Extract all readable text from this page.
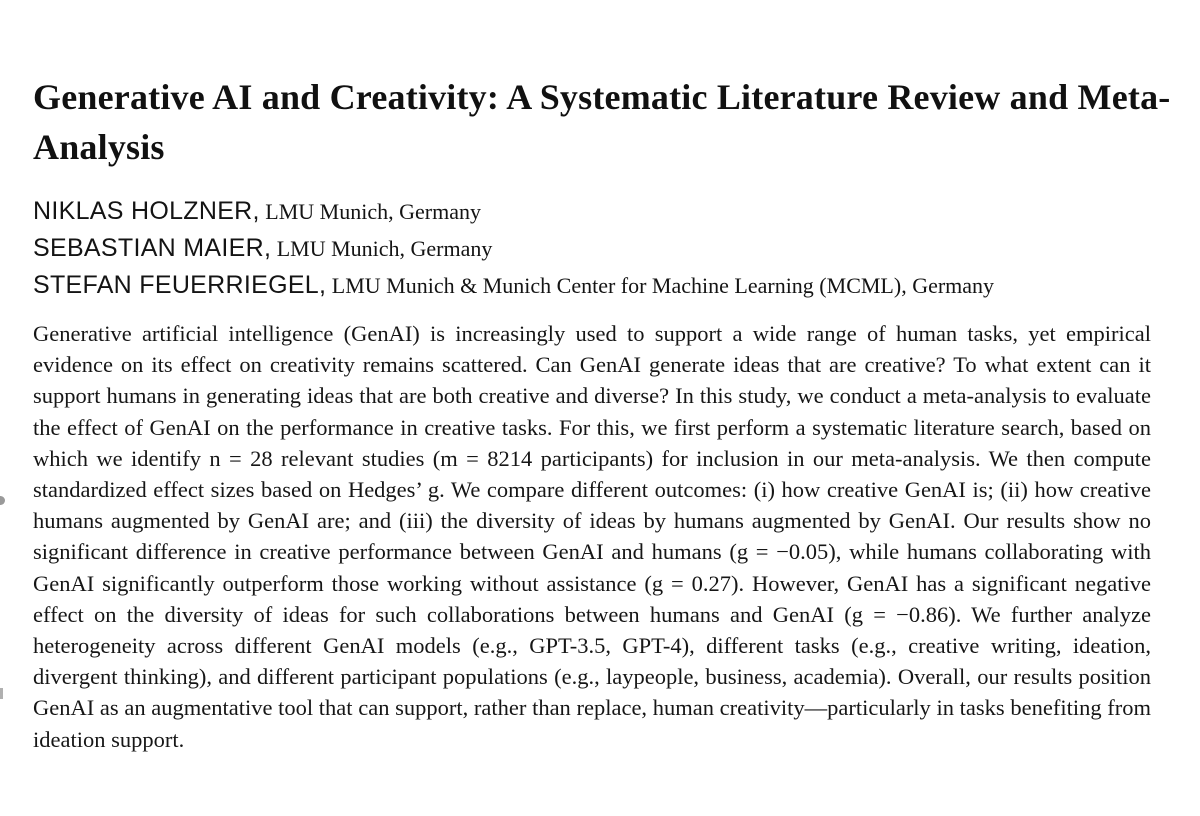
Generative AI and Creativity: A Systematic Literature Review and Meta-Analysis
NIKLAS HOLZNER, LMU Munich, Germany
SEBASTIAN MAIER, LMU Munich, Germany
STEFAN FEUERRIEGEL, LMU Munich & Munich Center for Machine Learning (MCML), Germany

Generative artificial intelligence (GenAI) is increasingly used to support a wide range of human tasks, yet empirical evidence on its effect on creativity remains scattered. Can GenAI generate ideas that are creative? To what extent can it support humans in generating ideas that are both creative and diverse? In this study, we conduct a meta-analysis to evaluate the effect of GenAI on the performance in creative tasks. For this, we first perform a systematic literature search, based on which we identify n = 28 relevant studies (m = 8214 participants) for inclusion in our meta-analysis. We then compute standardized effect sizes based on Hedges’ g. We compare different outcomes: (i) how creative GenAI is; (ii) how creative humans augmented by GenAI are; and (iii) the diversity of ideas by humans augmented by GenAI. Our results show no significant difference in creative performance between GenAI and humans (g = −0.05), while humans collaborating with GenAI significantly outperform those working without assistance (g = 0.27). However, GenAI has a significant negative effect on the diversity of ideas for such collaborations between humans and GenAI (g = −0.86). We further analyze heterogeneity across different GenAI models (e.g., GPT-3.5, GPT-4), different tasks (e.g., creative writing, ideation, divergent thinking), and different participant populations (e.g., laypeople, business, academia). Overall, our results position GenAI as an augmentative tool that can support, rather than replace, human creativity—particularly in tasks benefiting from ideation support.
